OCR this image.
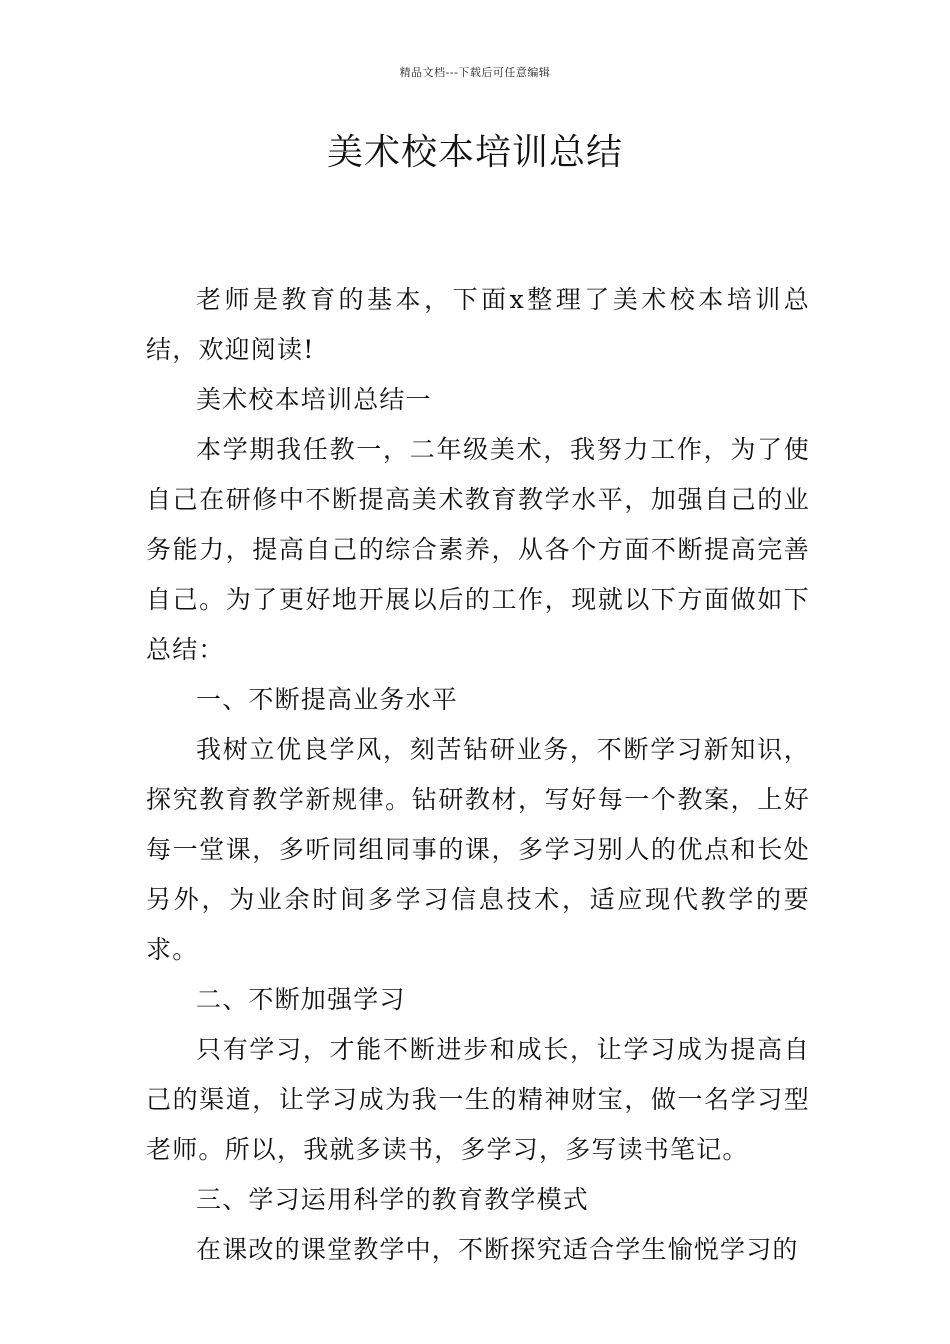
精品文档---下载后可任意编辑
美术校本培训总结

老师是教育的基本，下面x整理了美术校本培训总结，欢迎阅读!

美术校本培训总结一

本学期我任教一，二年级美术，我努力工作，为了使自己在研修中不断提高美术教育教学水平，加强自己的业务能力，提高自己的综合素养，从各个方面不断提高完善自己。为了更好地开展以后的工作，现就以下方面做如下总结：

一、不断提高业务水平

我树立优良学风，刻苦钻研业务，不断学习新知识，探究教育教学新规律。钻研教材，写好每一个教案，上好每一堂课，多听同组同事的课，多学习别人的优点和长处另外，为业余时间多学习信息技术，适应现代教学的要求。

二、不断加强学习

只有学习，才能不断进步和成长，让学习成为提高自己的渠道，让学习成为我一生的精神财宝，做一名学习型老师。所以，我就多读书，多学习，多写读书笔记。

三、学习运用科学的教育教学模式

在课改的课堂教学中，不断探究适合学生愉悦学习的
